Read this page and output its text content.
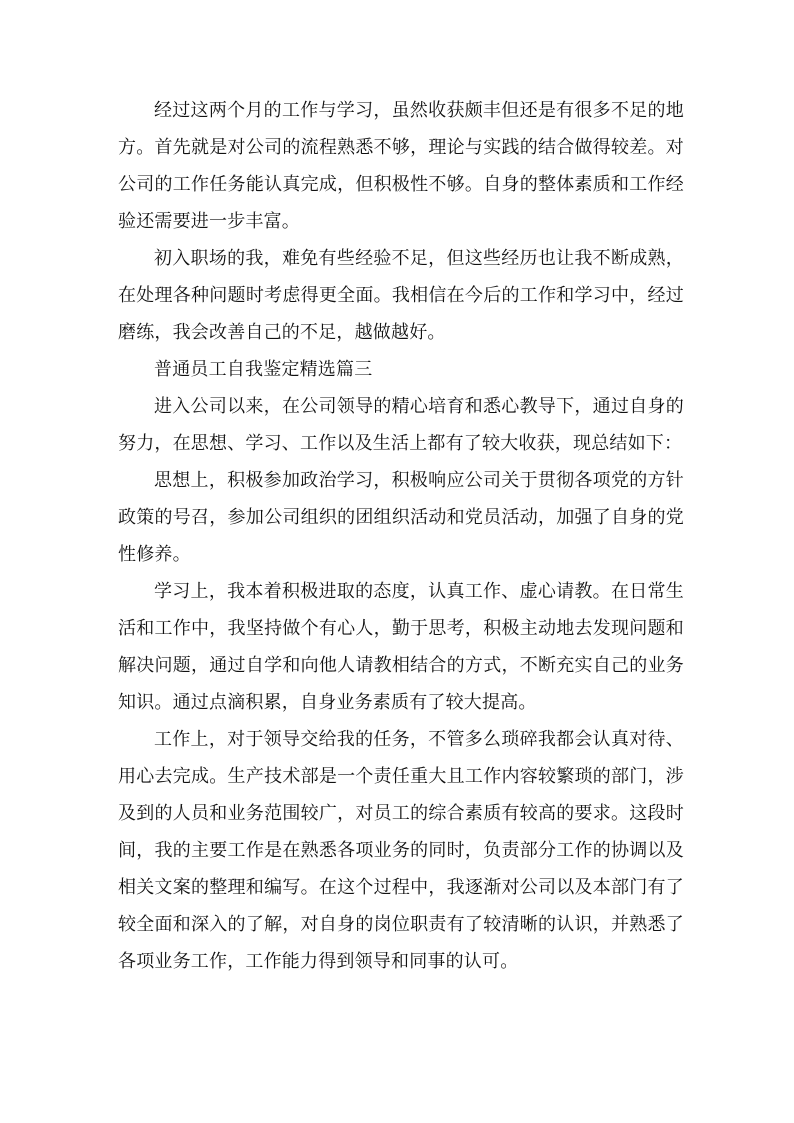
经过这两个月的工作与学习，虽然收获颇丰但还是有很多不足的地方。首先就是对公司的流程熟悉不够，理论与实践的结合做得较差。对公司的工作任务能认真完成，但积极性不够。自身的整体素质和工作经验还需要进一步丰富。

初入职场的我，难免有些经验不足，但这些经历也让我不断成熟，在处理各种问题时考虑得更全面。我相信在今后的工作和学习中，经过磨练，我会改善自己的不足，越做越好。

普通员工自我鉴定精选篇三

进入公司以来，在公司领导的精心培育和悉心教导下，通过自身的努力，在思想、学习、工作以及生活上都有了较大收获，现总结如下：

思想上，积极参加政治学习，积极响应公司关于贯彻各项党的方针政策的号召，参加公司组织的团组织活动和党员活动，加强了自身的党性修养。

学习上，我本着积极进取的态度，认真工作、虚心请教。在日常生活和工作中，我坚持做个有心人，勤于思考，积极主动地去发现问题和解决问题，通过自学和向他人请教相结合的方式，不断充实自己的业务知识。通过点滴积累，自身业务素质有了较大提高。

工作上，对于领导交给我的任务，不管多么琐碎我都会认真对待、用心去完成。生产技术部是一个责任重大且工作内容较繁琐的部门，涉及到的人员和业务范围较广，对员工的综合素质有较高的要求。这段时间，我的主要工作是在熟悉各项业务的同时，负责部分工作的协调以及相关文案的整理和编写。在这个过程中，我逐渐对公司以及本部门有了较全面和深入的了解，对自身的岗位职责有了较清晰的认识，并熟悉了各项业务工作，工作能力得到领导和同事的认可。
